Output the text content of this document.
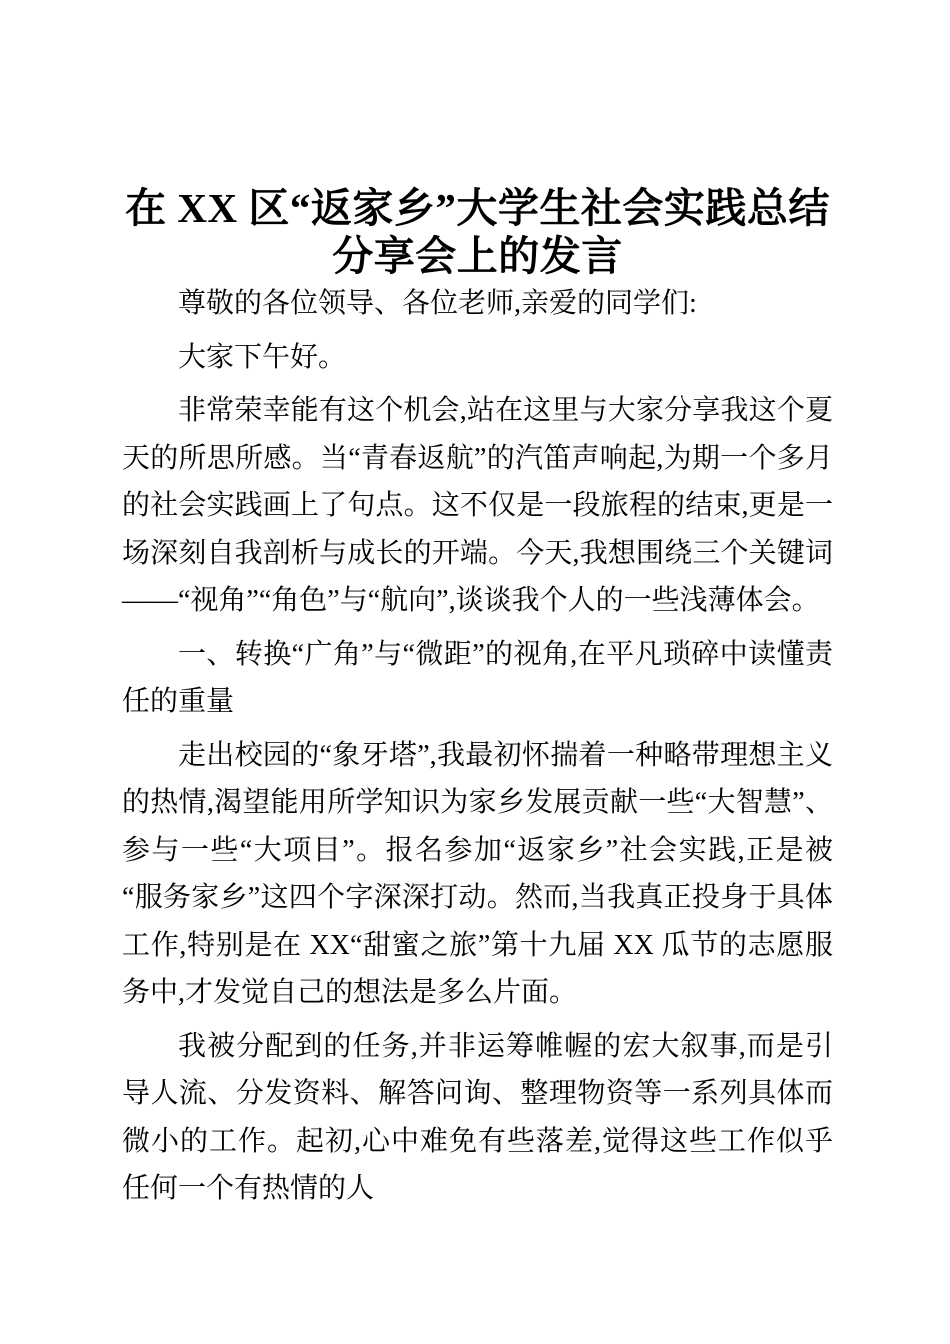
在 XX 区“返家乡”大学生社会实践总结分享会上的发言

尊敬的各位领导、各位老师,亲爱的同学们:

大家下午好。

非常荣幸能有这个机会,站在这里与大家分享我这个夏天的所思所感。当“青春返航”的汽笛声响起,为期一个多月的社会实践画上了句点。这不仅是一段旅程的结束,更是一场深刻自我剖析与成长的开端。今天,我想围绕三个关键词——“视角”“角色”与“航向”,谈谈我个人的一些浅薄体会。

一、转换“广角”与“微距”的视角,在平凡琐碎中读懂责任的重量

走出校园的“象牙塔”,我最初怀揣着一种略带理想主义的热情,渴望能用所学知识为家乡发展贡献一些“大智慧”、参与一些“大项目”。报名参加“返家乡”社会实践,正是被“服务家乡”这四个字深深打动。然而,当我真正投身于具体工作,特别是在 XX“甜蜜之旅”第十九届 XX 瓜节的志愿服务中,才发觉自己的想法是多么片面。

我被分配到的任务,并非运筹帷幄的宏大叙事,而是引导人流、分发资料、解答问询、整理物资等一系列具体而微小的工作。起初,心中难免有些落差,觉得这些工作似乎任何一个有热情的人
